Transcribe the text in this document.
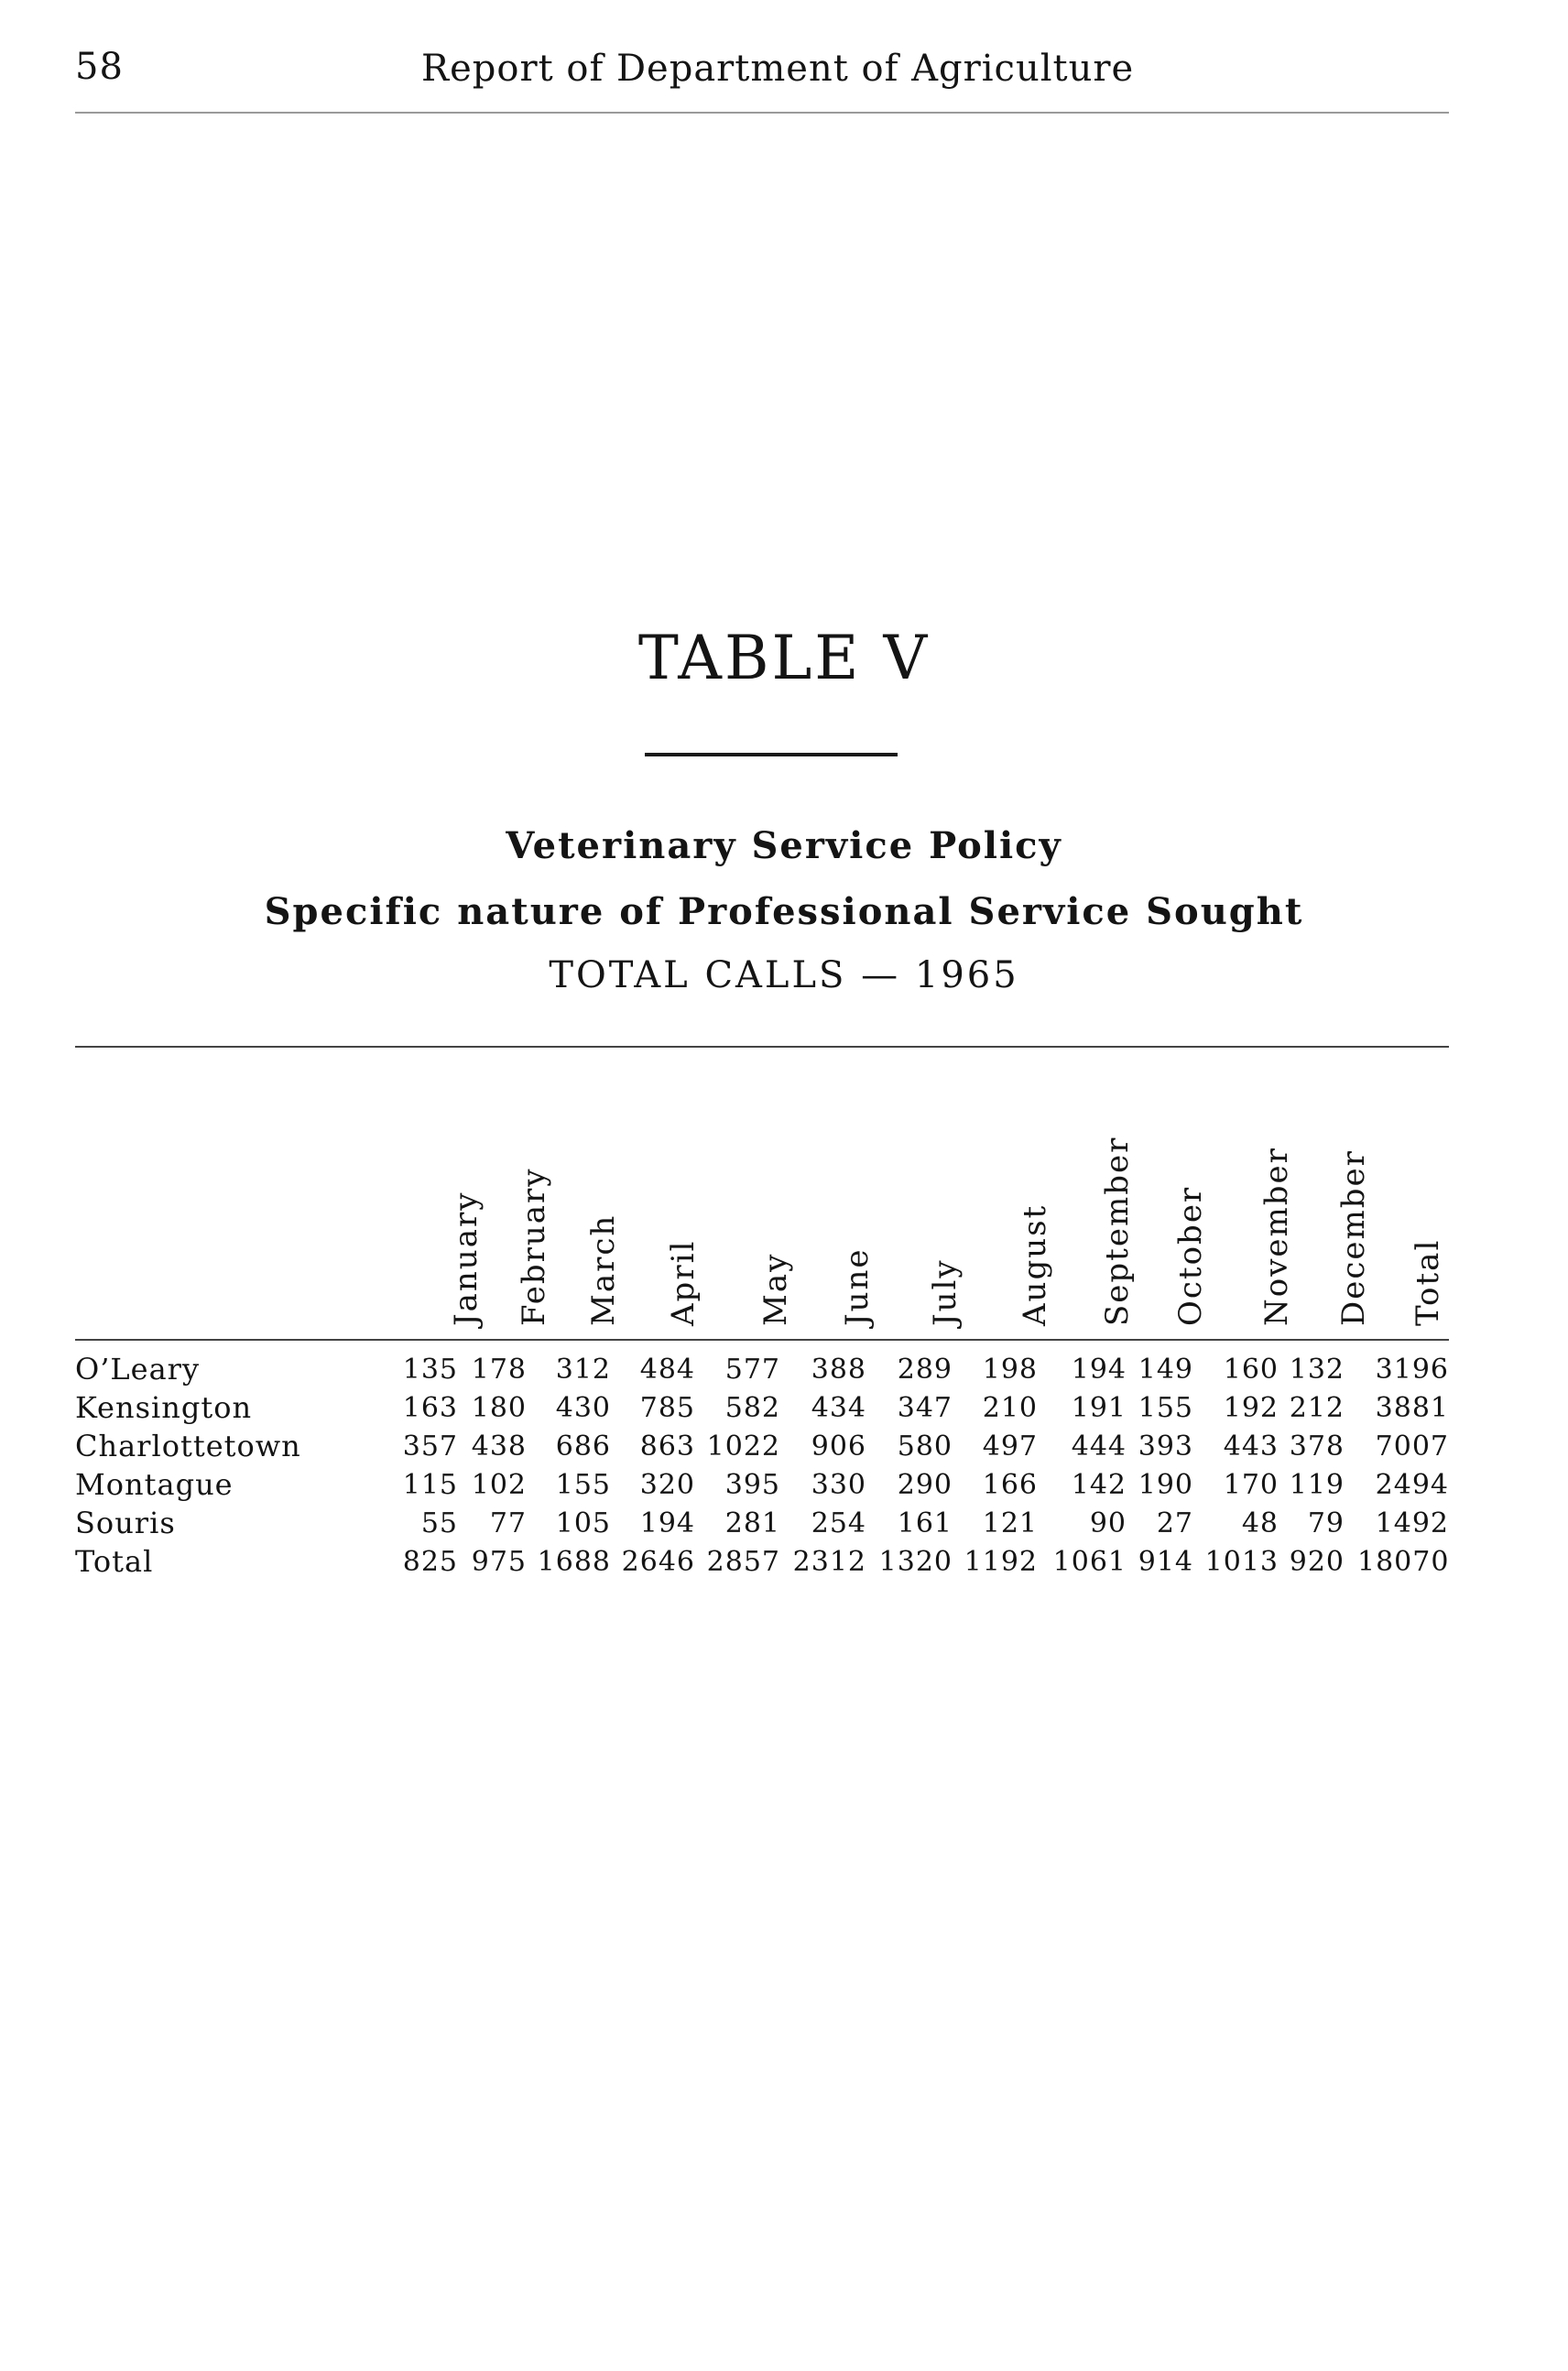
58	Report of Department of Agriculture
TABLE V
Veterinary Service Policy
Specific nature of Professional Service Sought
TOTAL CALLS — 1965
January February March April May June July August September October November December Total
O’Leary	135 178	312	484	577	388	289	198	194 149	160 132	3196
Kensington	163 180	430	785	582	434	347	210	191 155	192 212	3881
Charlottetown	357 438	686	863 1022	906	580	497	444 393	443 378	7007
Montague	115 102	155	320	395	330	290	166	142 190	170 119	2494
Souris	55	77	105	194	281	254	161	121	90	27	48	79	1492
Total	825 975 1688 2646 2857 2312 1320 1192 1061 914 1013 920 18070
